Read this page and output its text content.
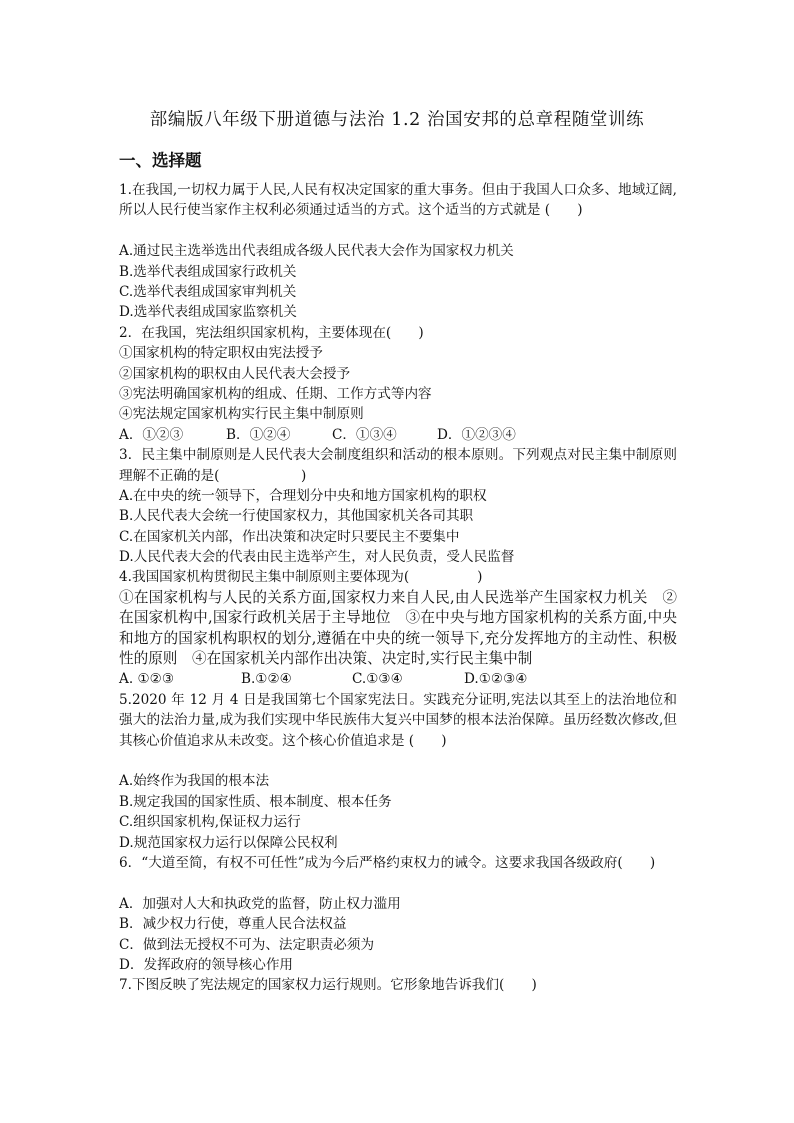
部编版八年级下册道德与法治 1.2 治国安邦的总章程随堂训练
一、选择题
1.在我国,一切权力属于人民,人民有权决定国家的重大事务。但由于我国人口众多、地域辽阔,所以人民行使当家作主权利必须通过适当的方式。这个适当的方式就是 (　　)
A.通过民主选举选出代表组成各级人民代表大会作为国家权力机关
B.选举代表组成国家行政机关
C.选举代表组成国家审判机关
D.选举代表组成国家监察机关
2．在我国，宪法组织国家机构，主要体现在(　　)
①国家机构的特定职权由宪法授予
②国家机构的职权由人民代表大会授予
③宪法明确国家机构的组成、任期、工作方式等内容
④宪法规定国家机构实行民主集中制原则
A．①②③	B．①②④	C．①③④	D．①②③④
3．民主集中制原则是人民代表大会制度组织和活动的根本原则。下列观点对民主集中制原则理解不正确的是(　　　　　　)
A.在中央的统一领导下，合理划分中央和地方国家机构的职权
B.人民代表大会统一行使国家权力，其他国家机关各司其职
C.在国家机关内部，作出决策和决定时只要民主不要集中
D.人民代表大会的代表由民主选举产生，对人民负责，受人民监督
4.我国国家机构贯彻民主集中制原则主要体现为(　　　　　)
①在国家机构与人民的关系方面,国家权力来自人民,由人民选举产生国家权力机关　②在国家机构中,国家行政机关居于主导地位　③在中央与地方国家机构的关系方面,中央和地方的国家机构职权的划分,遵循在中央的统一领导下,充分发挥地方的主动性、积极性的原则　④在国家机关内部作出决策、决定时,实行民主集中制
A. ①②③	B.①②④	C.①③④	D.①②③④
5.2020 年 12 月 4 日是我国第七个国家宪法日。实践充分证明,宪法以其至上的法治地位和强大的法治力量,成为我们实现中华民族伟大复兴中国梦的根本法治保障。虽历经数次修改,但其核心价值追求从未改变。这个核心价值追求是 (　　)
A.始终作为我国的根本法
B.规定我国的国家性质、根本制度、根本任务
C.组织国家机构,保证权力运行
D.规范国家权力运行以保障公民权利
6．“大道至简，有权不可任性”成为今后严格约束权力的诫令。这要求我国各级政府(　　)
A．加强对人大和执政党的监督，防止权力滥用
B．减少权力行使，尊重人民合法权益
C．做到法无授权不可为、法定职责必须为
D．发挥政府的领导核心作用
7.下图反映了宪法规定的国家权力运行规则。它形象地告诉我们(　　)
